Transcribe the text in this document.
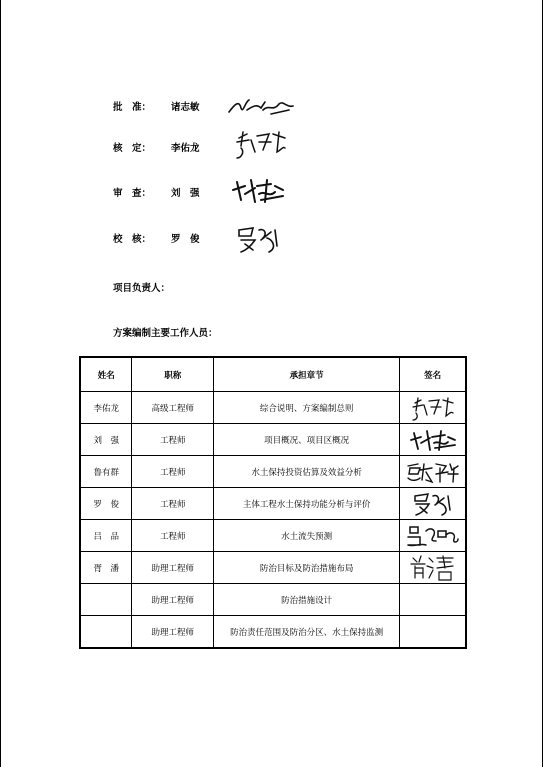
批　准： 诸志敏
核　定： 李佑龙
审　查： 刘　强
校　核： 罗　俊
项目负责人：
方案编制主要工作人员：
姓名	职称	承担章节	签名
李佑龙	高级工程师	综合说明、方案编制总则	

刘　强	工程师	项目概况、项目区概况	

鲁有群	工程师	水土保持投资估算及效益分析	

罗　俊	工程师	主体工程水土保持功能分析与评价	

吕　品	工程师	水土流失预测	

胥　潘	助理工程师	防治目标及防治措施布局	

	助理工程师	防治措施设计	
	助理工程师	防治责任范围及防治分区、水土保持监测	
